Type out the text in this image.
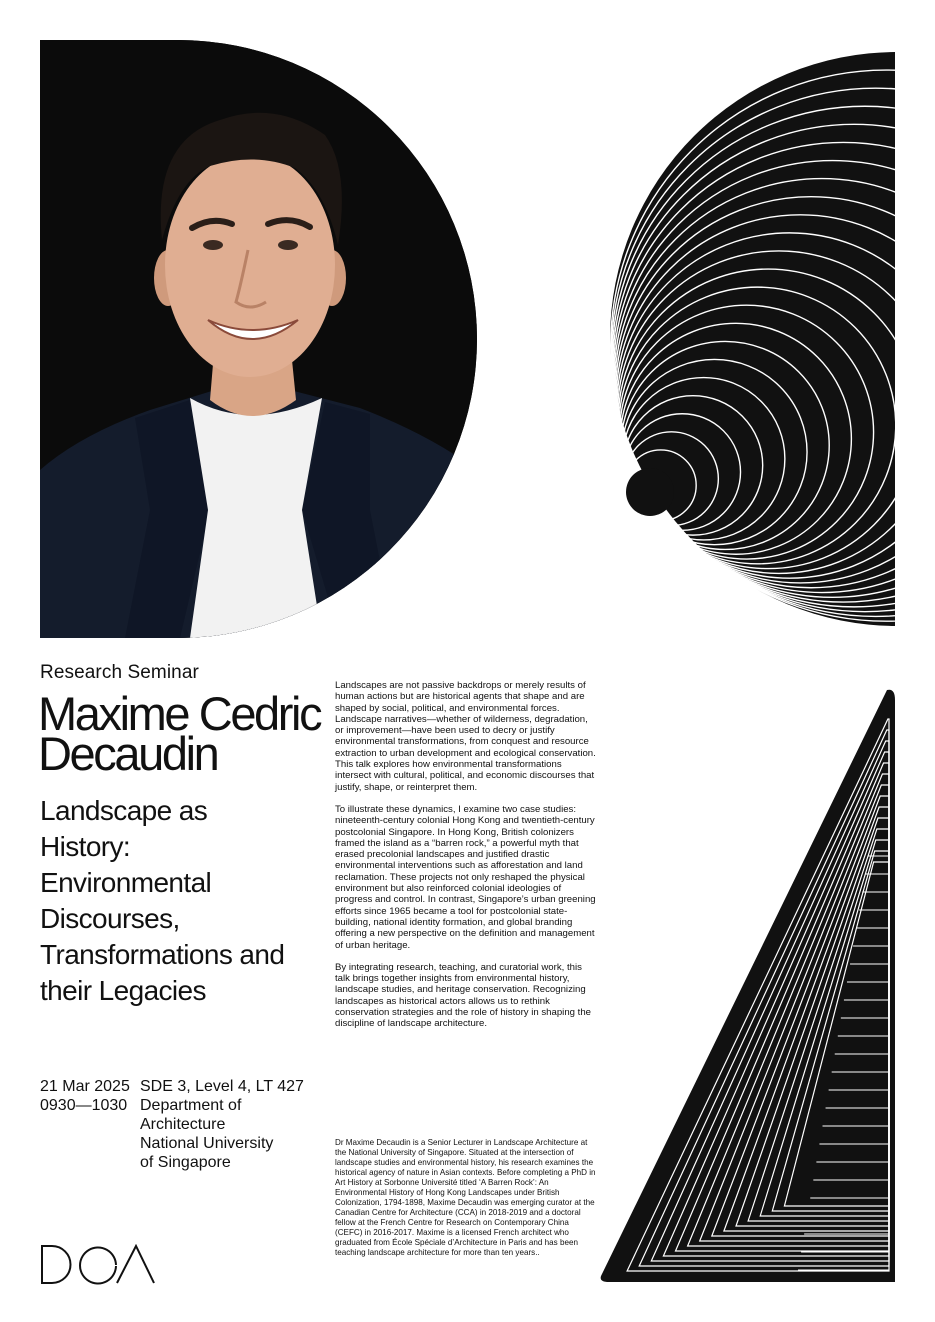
Research Seminar
Maxime Cedric
Decaudin
Landscape as
History:
Environmental
Discourses,
Transformations and
their Legacies
21 Mar 2025
0930—1030
SDE 3, Level 4, LT 427
Department of
Architecture
National University
of Singapore

Landscapes are not passive backdrops or merely results of human actions but are historical agents that shape and are shaped by social, political, and environmental forces. Landscape narratives—whether of wilderness, degradation, or improvement—have been used to decry or justify environmental transformations, from conquest and resource extraction to urban development and ecological conservation. This talk explores how environmental transformations intersect with cultural, political, and economic discourses that justify, shape, or reinterpret them.

To illustrate these dynamics, I examine two case studies: nineteenth-century colonial Hong Kong and twentieth-century postcolonial Singapore. In Hong Kong, British colonizers framed the island as a “barren rock,” a powerful myth that erased precolonial landscapes and justified drastic environmental interventions such as afforestation and land reclamation. These projects not only reshaped the physical environment but also reinforced colonial ideologies of progress and control. In contrast, Singapore’s urban greening efforts since 1965 became a tool for postcolonial state-building, national identity formation, and global branding offering a new perspective on the definition and management of urban heritage.

By integrating research, teaching, and curatorial work, this talk brings together insights from environmental history, landscape studies, and heritage conservation. Recognizing landscapes as historical actors allows us to rethink conservation strategies and the role of history in shaping the discipline of landscape architecture.

Dr Maxime Decaudin is a Senior Lecturer in Landscape Architecture at the National University of Singapore. Situated at the intersection of landscape studies and environmental history, his research examines the historical agency of nature in Asian contexts. Before completing a PhD in Art History at Sorbonne Université titled ‘A Barren Rock’: An Environmental History of Hong Kong Landscapes under British Colonization, 1794-1898, Maxime Decaudin was emerging curator at the Canadian Centre for Architecture (CCA) in 2018-2019 and a doctoral fellow at the French Centre for Research on Contemporary China (CEFC) in 2016-2017. Maxime is a licensed French architect who graduated from École Spéciale d’Architecture in Paris and has been teaching landscape architecture for more than ten years..
